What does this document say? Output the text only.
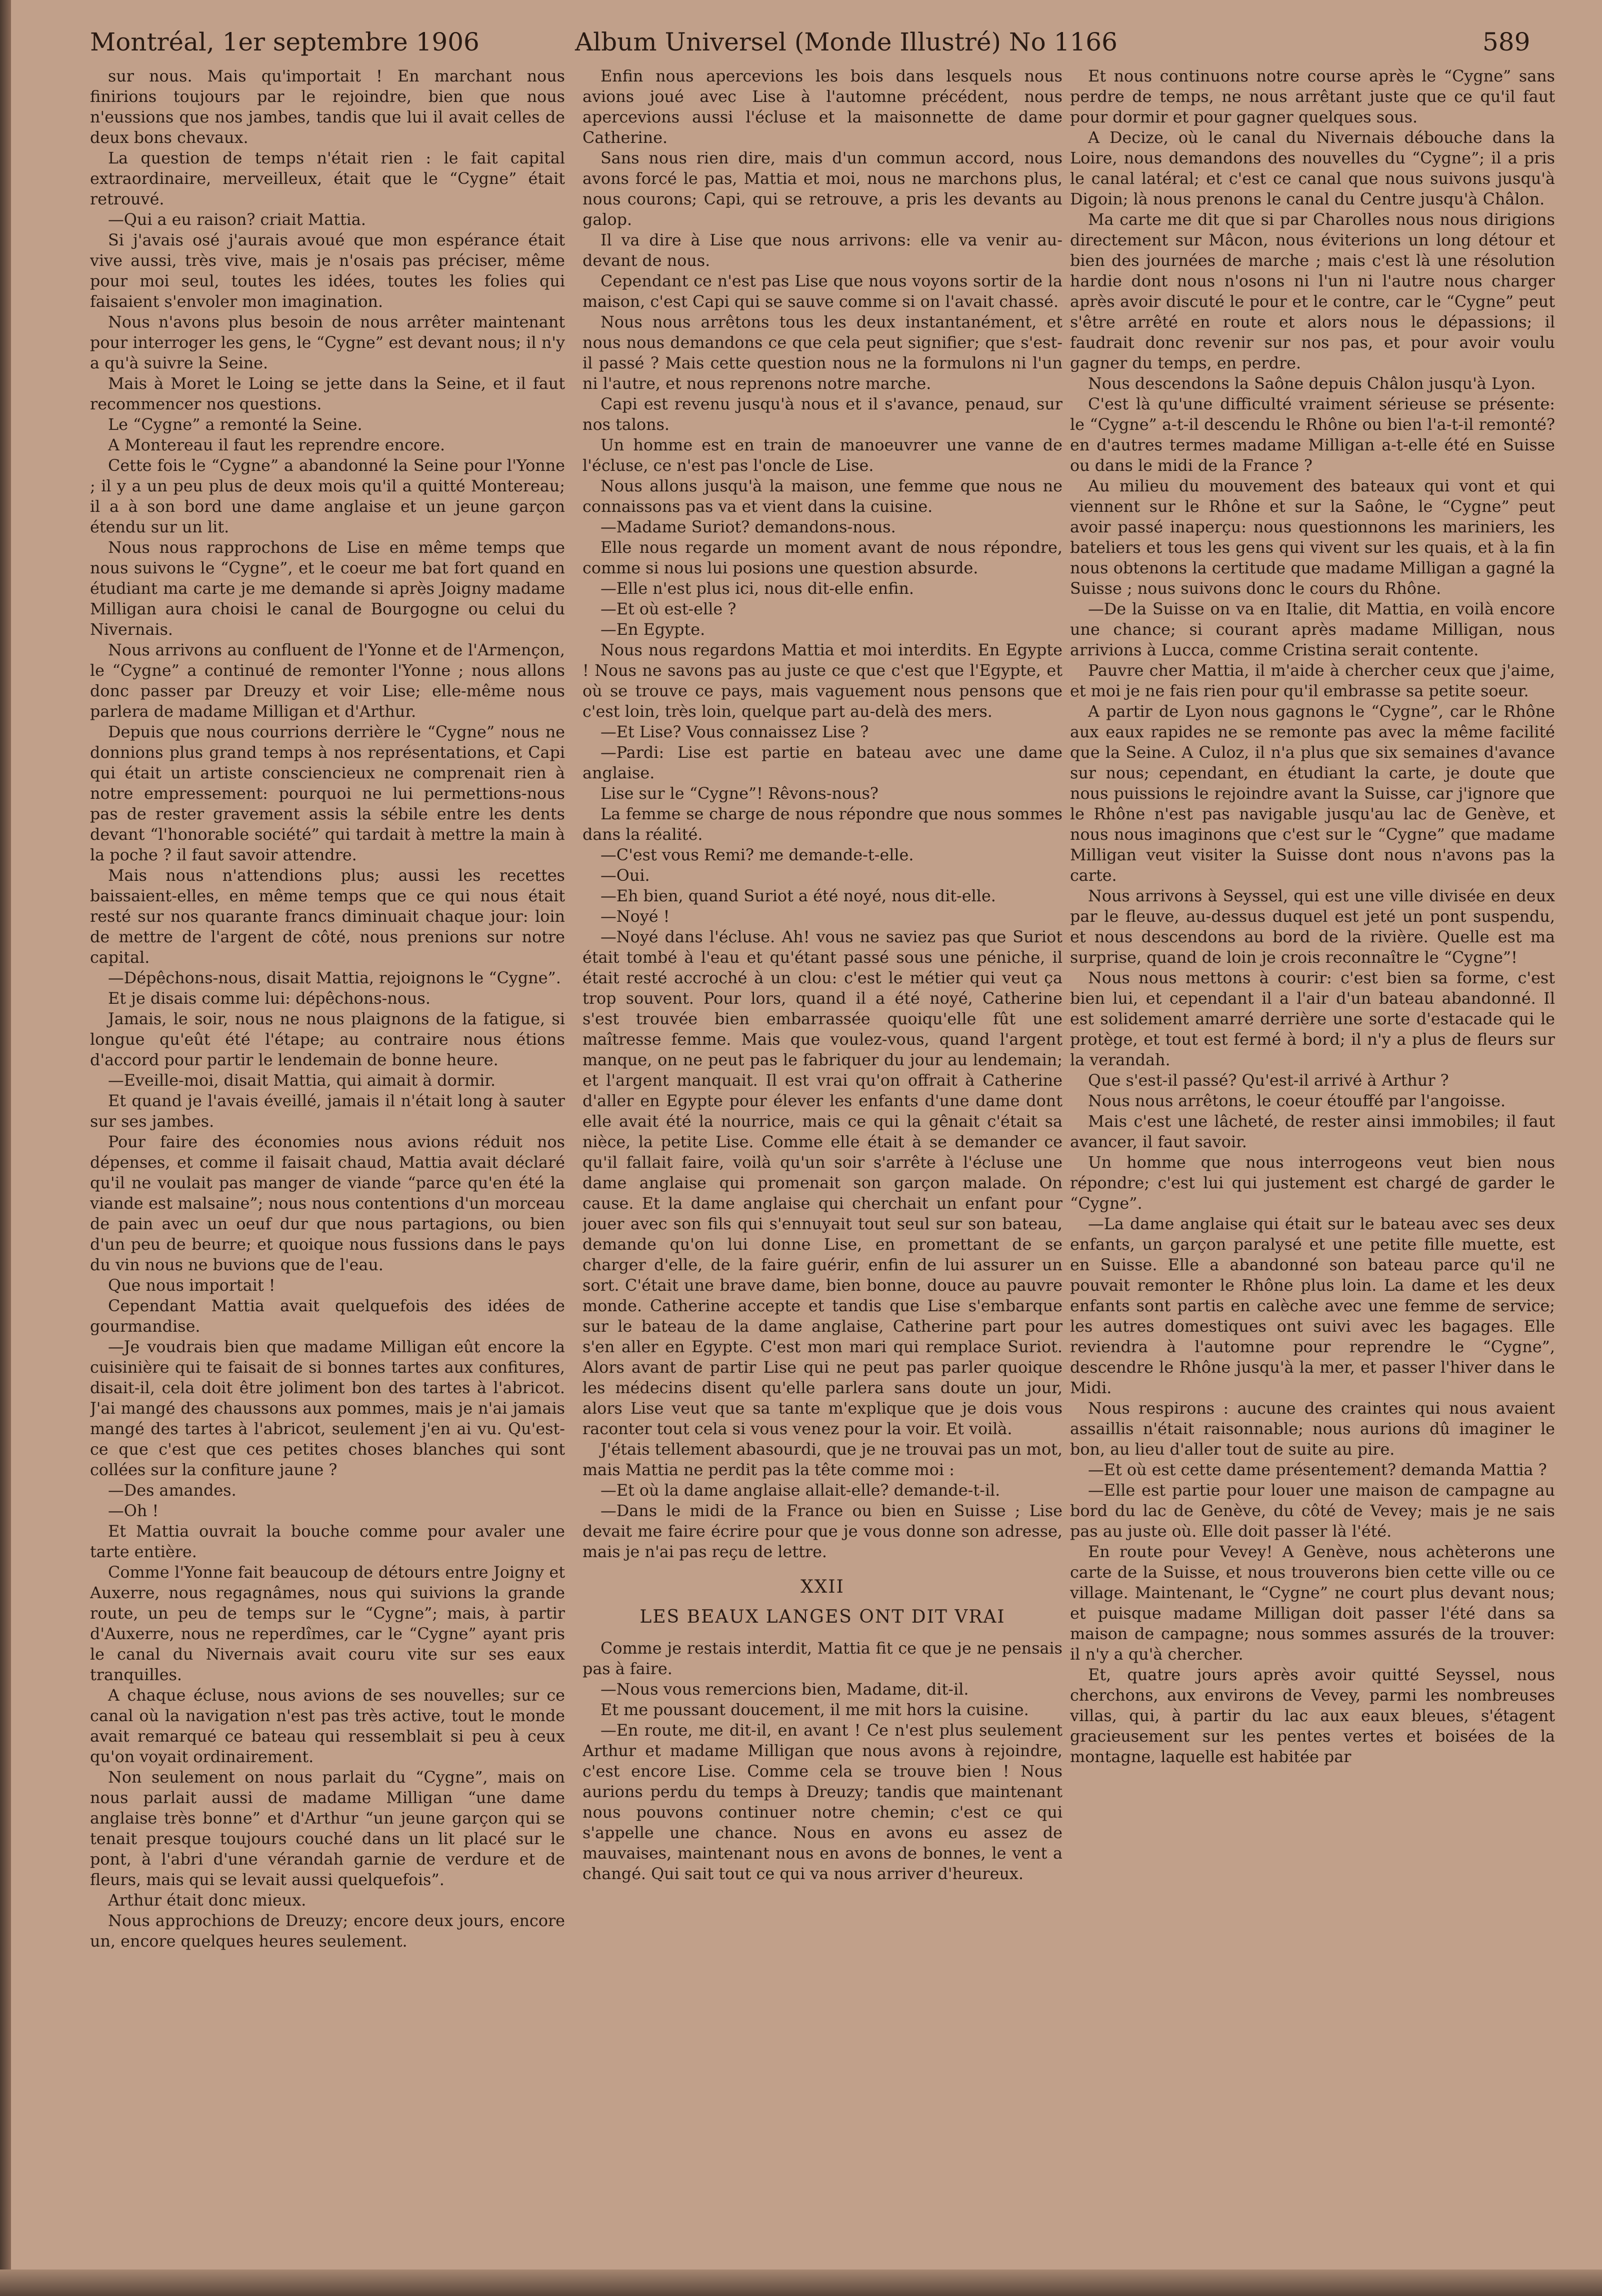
Montréal, 1er septembre 1906	Album Universel (Monde Illustré) No 1166	589

sur nous. Mais qu'importait ! En marchant nous finirions toujours par le rejoindre, bien que nous n'eussions que nos jambes, tandis que lui il avait celles de deux bons chevaux.

La question de temps n'était rien : le fait capital extraordinaire, merveilleux, était que le “Cygne” était retrouvé.

—Qui a eu raison? criait Mattia.

Si j'avais osé j'aurais avoué que mon espérance était vive aussi, très vive, mais je n'osais pas préciser, même pour moi seul, toutes les idées, toutes les folies qui faisaient s'envoler mon imagination.

Nous n'avons plus besoin de nous arrêter maintenant pour interroger les gens, le “Cygne” est devant nous; il n'y a qu'à suivre la Seine.

Mais à Moret le Loing se jette dans la Seine, et il faut recommencer nos questions.

Le “Cygne” a remonté la Seine.

A Montereau il faut les reprendre encore.

Cette fois le “Cygne” a abandonné la Seine pour l'Yonne ; il y a un peu plus de deux mois qu'il a quitté Montereau; il a à son bord une dame anglaise et un jeune garçon étendu sur un lit.

Nous nous rapprochons de Lise en même temps que nous suivons le “Cygne”, et le coeur me bat fort quand en étudiant ma carte je me demande si après Joigny madame Milligan aura choisi le canal de Bourgogne ou celui du Nivernais.

Nous arrivons au confluent de l'Yonne et de l'Armençon, le “Cygne” a continué de remonter l'Yonne ; nous allons donc passer par Dreuzy et voir Lise; elle-même nous parlera de madame Milligan et d'Arthur.

Depuis que nous courrions derrière le “Cygne” nous ne donnions plus grand temps à nos représentations, et Capi qui était un artiste consciencieux ne comprenait rien à notre empressement: pourquoi ne lui permettions-nous pas de rester gravement assis la sébile entre les dents devant “l'honorable société” qui tardait à mettre la main à la poche ? il faut savoir attendre.

Mais nous n'attendions plus; aussi les recettes baissaient-elles, en même temps que ce qui nous était resté sur nos quarante francs diminuait chaque jour: loin de mettre de l'argent de côté, nous prenions sur notre capital.

—Dépêchons-nous, disait Mattia, rejoignons le “Cygne”.

Et je disais comme lui: dépêchons-nous.

Jamais, le soir, nous ne nous plaignons de la fatigue, si longue qu'eût été l'étape; au contraire nous étions d'accord pour partir le lendemain de bonne heure.

—Eveille-moi, disait Mattia, qui aimait à dormir.

Et quand je l'avais éveillé, jamais il n'était long à sauter sur ses jambes.

Pour faire des économies nous avions réduit nos dépenses, et comme il faisait chaud, Mattia avait déclaré qu'il ne voulait pas manger de viande “parce qu'en été la viande est malsaine”; nous nous contentions d'un morceau de pain avec un oeuf dur que nous partagions, ou bien d'un peu de beurre; et quoique nous fussions dans le pays du vin nous ne buvions que de l'eau.

Que nous importait !

Cependant Mattia avait quelquefois des idées de gourmandise.

—Je voudrais bien que madame Milligan eût encore la cuisinière qui te faisait de si bonnes tartes aux confitures, disait-il, cela doit être joliment bon des tartes à l'abricot. J'ai mangé des chaussons aux pommes, mais je n'ai jamais mangé des tartes à l'abricot, seulement j'en ai vu. Qu'est-ce que c'est que ces petites choses blanches qui sont collées sur la confiture jaune ?

—Des amandes.

—Oh !

Et Mattia ouvrait la bouche comme pour avaler une tarte entière.

Comme l'Yonne fait beaucoup de détours entre Joigny et Auxerre, nous regagnâmes, nous qui suivions la grande route, un peu de temps sur le “Cygne”; mais, à partir d'Auxerre, nous ne reperdîmes, car le “Cygne” ayant pris le canal du Nivernais avait couru vite sur ses eaux tranquilles.

A chaque écluse, nous avions de ses nouvelles; sur ce canal où la navigation n'est pas très active, tout le monde avait remarqué ce bateau qui ressemblait si peu à ceux qu'on voyait ordinairement.

Non seulement on nous parlait du “Cygne”, mais on nous parlait aussi de madame Milligan “une dame anglaise très bonne” et d'Arthur “un jeune garçon qui se tenait presque toujours couché dans un lit placé sur le pont, à l'abri d'une vérandah garnie de verdure et de fleurs, mais qui se levait aussi quelquefois”.

Arthur était donc mieux.

Nous approchions de Dreuzy; encore deux jours, encore un, encore quelques heures seulement.

Enfin nous apercevions les bois dans lesquels nous avions joué avec Lise à l'automne précédent, nous apercevions aussi l'écluse et la maisonnette de dame Catherine.

Sans nous rien dire, mais d'un commun accord, nous avons forcé le pas, Mattia et moi, nous ne marchons plus, nous courons; Capi, qui se retrouve, a pris les devants au galop.

Il va dire à Lise que nous arrivons: elle va venir au-devant de nous.

Cependant ce n'est pas Lise que nous voyons sortir de la maison, c'est Capi qui se sauve comme si on l'avait chassé.

Nous nous arrêtons tous les deux instantanément, et nous nous demandons ce que cela peut signifier; que s'est-il passé ? Mais cette question nous ne la formulons ni l'un ni l'autre, et nous reprenons notre marche.

Capi est revenu jusqu'à nous et il s'avance, penaud, sur nos talons.

Un homme est en train de manoeuvrer une vanne de l'écluse, ce n'est pas l'oncle de Lise.

Nous allons jusqu'à la maison, une femme que nous ne connaissons pas va et vient dans la cuisine.

—Madame Suriot? demandons-nous.

Elle nous regarde un moment avant de nous répondre, comme si nous lui posions une question absurde.

—Elle n'est plus ici, nous dit-elle enfin.

—Et où est-elle ?

—En Egypte.

Nous nous regardons Mattia et moi interdits. En Egypte ! Nous ne savons pas au juste ce que c'est que l'Egypte, et où se trouve ce pays, mais vaguement nous pensons que c'est loin, très loin, quelque part au-delà des mers.

—Et Lise? Vous connaissez Lise ?

—Pardi: Lise est partie en bateau avec une dame anglaise.

Lise sur le “Cygne”! Rêvons-nous?

La femme se charge de nous répondre que nous sommes dans la réalité.

—C'est vous Remi? me demande-t-elle.

—Oui.

—Eh bien, quand Suriot a été noyé, nous dit-elle.

—Noyé !

—Noyé dans l'écluse. Ah! vous ne saviez pas que Suriot était tombé à l'eau et qu'étant passé sous une péniche, il était resté accroché à un clou: c'est le métier qui veut ça trop souvent. Pour lors, quand il a été noyé, Catherine s'est trouvée bien embarrassée quoiqu'elle fût une maîtresse femme. Mais que voulez-vous, quand l'argent manque, on ne peut pas le fabriquer du jour au lendemain; et l'argent manquait. Il est vrai qu'on offrait à Catherine d'aller en Egypte pour élever les enfants d'une dame dont elle avait été la nourrice, mais ce qui la gênait c'était sa nièce, la petite Lise. Comme elle était à se demander ce qu'il fallait faire, voilà qu'un soir s'arrête à l'écluse une dame anglaise qui promenait son garçon malade. On cause. Et la dame anglaise qui cherchait un enfant pour jouer avec son fils qui s'ennuyait tout seul sur son bateau, demande qu'on lui donne Lise, en promettant de se charger d'elle, de la faire guérir, enfin de lui assurer un sort. C'était une brave dame, bien bonne, douce au pauvre monde. Catherine accepte et tandis que Lise s'embarque sur le bateau de la dame anglaise, Catherine part pour s'en aller en Egypte. C'est mon mari qui remplace Suriot. Alors avant de partir Lise qui ne peut pas parler quoique les médecins disent qu'elle parlera sans doute un jour, alors Lise veut que sa tante m'explique que je dois vous raconter tout cela si vous venez pour la voir. Et voilà.

J'étais tellement abasourdi, que je ne trouvai pas un mot, mais Mattia ne perdit pas la tête comme moi :

—Et où la dame anglaise allait-elle? demande-t-il.

—Dans le midi de la France ou bien en Suisse ; Lise devait me faire écrire pour que je vous donne son adresse, mais je n'ai pas reçu de lettre.

XXII

LES BEAUX LANGES ONT DIT VRAI

Comme je restais interdit, Mattia fit ce que je ne pensais pas à faire.

—Nous vous remercions bien, Madame, dit-il.

Et me poussant doucement, il me mit hors la cuisine.

—En route, me dit-il, en avant ! Ce n'est plus seulement Arthur et madame Milligan que nous avons à rejoindre, c'est encore Lise. Comme cela se trouve bien ! Nous aurions perdu du temps à Dreuzy; tandis que maintenant nous pouvons continuer notre chemin; c'est ce qui s'appelle une chance. Nous en avons eu assez de mauvaises, maintenant nous en avons de bonnes, le vent a changé. Qui sait tout ce qui va nous arriver d'heureux.

Et nous continuons notre course après le “Cygne” sans perdre de temps, ne nous arrêtant juste que ce qu'il faut pour dormir et pour gagner quelques sous.

A Decize, où le canal du Nivernais débouche dans la Loire, nous demandons des nouvelles du “Cygne”; il a pris le canal latéral; et c'est ce canal que nous suivons jusqu'à Digoin; là nous prenons le canal du Centre jusqu'à Châlon.

Ma carte me dit que si par Charolles nous nous dirigions directement sur Mâcon, nous éviterions un long détour et bien des journées de marche ; mais c'est là une résolution hardie dont nous n'osons ni l'un ni l'autre nous charger après avoir discuté le pour et le contre, car le “Cygne” peut s'être arrêté en route et alors nous le dépassions; il faudrait donc revenir sur nos pas, et pour avoir voulu gagner du temps, en perdre.

Nous descendons la Saône depuis Châlon jusqu'à Lyon.

C'est là qu'une difficulté vraiment sérieuse se présente: le “Cygne” a-t-il descendu le Rhône ou bien l'a-t-il remonté? en d'autres termes madame Milligan a-t-elle été en Suisse ou dans le midi de la France ?

Au milieu du mouvement des bateaux qui vont et qui viennent sur le Rhône et sur la Saône, le “Cygne” peut avoir passé inaperçu: nous questionnons les mariniers, les bateliers et tous les gens qui vivent sur les quais, et à la fin nous obtenons la certitude que madame Milligan a gagné la Suisse ; nous suivons donc le cours du Rhône.

—De la Suisse on va en Italie, dit Mattia, en voilà encore une chance; si courant après madame Milligan, nous arrivions à Lucca, comme Cristina serait contente.

Pauvre cher Mattia, il m'aide à chercher ceux que j'aime, et moi je ne fais rien pour qu'il embrasse sa petite soeur.

A partir de Lyon nous gagnons le “Cygne”, car le Rhône aux eaux rapides ne se remonte pas avec la même facilité que la Seine. A Culoz, il n'a plus que six semaines d'avance sur nous; cependant, en étudiant la carte, je doute que nous puissions le rejoindre avant la Suisse, car j'ignore que le Rhône n'est pas navigable jusqu'au lac de Genève, et nous nous imaginons que c'est sur le “Cygne” que madame Milligan veut visiter la Suisse dont nous n'avons pas la carte.

Nous arrivons à Seyssel, qui est une ville divisée en deux par le fleuve, au-dessus duquel est jeté un pont suspendu, et nous descendons au bord de la rivière. Quelle est ma surprise, quand de loin je crois reconnaître le “Cygne”!

Nous nous mettons à courir: c'est bien sa forme, c'est bien lui, et cependant il a l'air d'un bateau abandonné. Il est solidement amarré derrière une sorte d'estacade qui le protège, et tout est fermé à bord; il n'y a plus de fleurs sur la verandah.

Que s'est-il passé? Qu'est-il arrivé à Arthur ?

Nous nous arrêtons, le coeur étouffé par l'angoisse.

Mais c'est une lâcheté, de rester ainsi immobiles; il faut avancer, il faut savoir.

Un homme que nous interrogeons veut bien nous répondre; c'est lui qui justement est chargé de garder le “Cygne”.

—La dame anglaise qui était sur le bateau avec ses deux enfants, un garçon paralysé et une petite fille muette, est en Suisse. Elle a abandonné son bateau parce qu'il ne pouvait remonter le Rhône plus loin. La dame et les deux enfants sont partis en calèche avec une femme de service; les autres domestiques ont suivi avec les bagages. Elle reviendra à l'automne pour reprendre le “Cygne”, descendre le Rhône jusqu'à la mer, et passer l'hiver dans le Midi.

Nous respirons : aucune des craintes qui nous avaient assaillis n'était raisonnable; nous aurions dû imaginer le bon, au lieu d'aller tout de suite au pire.

—Et où est cette dame présentement? demanda Mattia ?

—Elle est partie pour louer une maison de campagne au bord du lac de Genève, du côté de Vevey; mais je ne sais pas au juste où. Elle doit passer là l'été.

En route pour Vevey! A Genève, nous achèterons une carte de la Suisse, et nous trouverons bien cette ville ou ce village. Maintenant, le “Cygne” ne court plus devant nous; et puisque madame Milligan doit passer l'été dans sa maison de campagne; nous sommes assurés de la trouver: il n'y a qu'à chercher.

Et, quatre jours après avoir quitté Seyssel, nous cherchons, aux environs de Vevey, parmi les nombreuses villas, qui, à partir du lac aux eaux bleues, s'étagent gracieusement sur les pentes vertes et boisées de la montagne, laquelle est habitée par
